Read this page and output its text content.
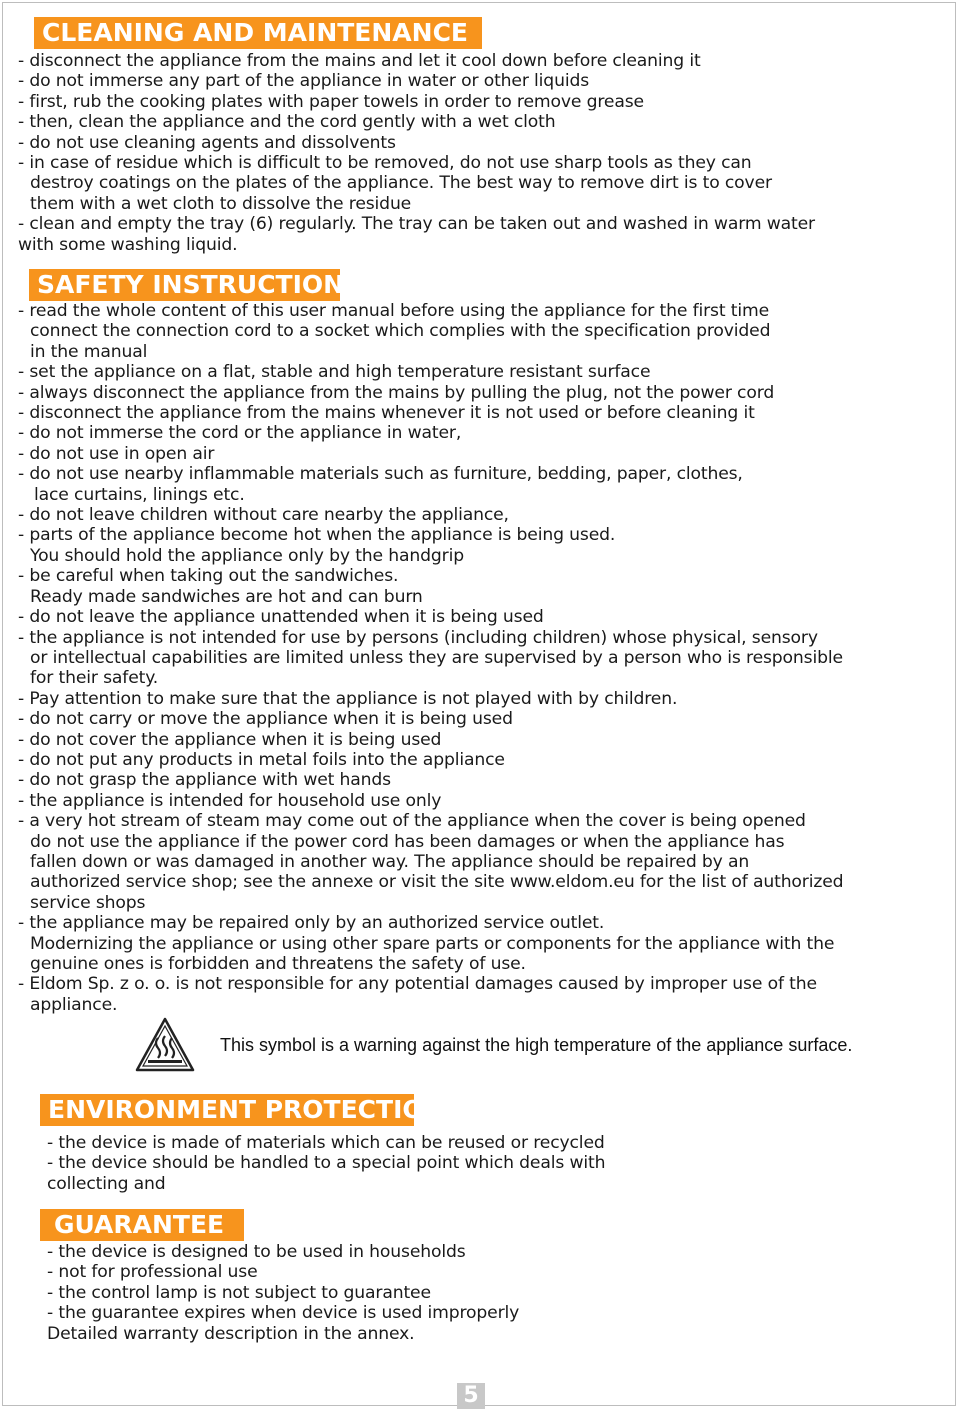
CLEANING AND MAINTENANCE
- disconnect the appliance from the mains and let it cool down before cleaning it
- do not immerse any part of the appliance in water or other liquids
- first, rub the cooking plates with paper towels in order to remove grease
- then, clean the appliance and the cord gently with a wet cloth
- do not use cleaning agents and dissolvents
- in case of residue which is difficult to be removed, do not use sharp tools as they can
destroy coatings on the plates of the appliance. The best way to remove dirt is to cover
them with a wet cloth to dissolve the residue
- clean and empty the tray (6) regularly. The tray can be taken out and washed in warm water
with some washing liquid.
SAFETY INSTRUCTIONS
- read the whole content of this user manual before using the appliance for the first time
connect the connection cord to a socket which complies with the specification provided
in the manual
- set the appliance on a flat, stable and high temperature resistant surface
- always disconnect the appliance from the mains by pulling the plug, not the power cord
- disconnect the appliance from the mains whenever it is not used or before cleaning it
- do not immerse the cord or the appliance in water,
- do not use in open air
- do not use nearby inflammable materials such as furniture, bedding, paper, clothes,
lace curtains, linings etc.
- do not leave children without care nearby the appliance,
- parts of the appliance become hot when the appliance is being used.
You should hold the appliance only by the handgrip
- be careful when taking out the sandwiches.
Ready made sandwiches are hot and can burn
- do not leave the appliance unattended when it is being used
- the appliance is not intended for use by persons (including children) whose physical, sensory
or intellectual capabilities are limited unless they are supervised by a person who is responsible
for their safety.
- Pay attention to make sure that the appliance is not played with by children.
- do not carry or move the appliance when it is being used
- do not cover the appliance when it is being used
- do not put any products in metal foils into the appliance
- do not grasp the appliance with wet hands
- the appliance is intended for household use only
- a very hot stream of steam may come out of the appliance when the cover is being opened
do not use the appliance if the power cord has been damages or when the appliance has
fallen down or was damaged in another way. The appliance should be repaired by an
authorized service shop; see the annexe or visit the site www.eldom.eu for the list of authorized
service shops
- the appliance may be repaired only by an authorized service outlet.
Modernizing the appliance or using other spare parts or components for the appliance with the
genuine ones is forbidden and threatens the safety of use.
- Eldom Sp. z o. o. is not responsible for any potential damages caused by improper use of the
appliance.
This symbol is a warning against the high temperature of the appliance surface.
ENVIRONMENT PROTECTION
- the device is made of materials which can be reused or recycled
- the device should be handled to a special point which deals with
collecting and
GUARANTEE
- the device is designed to be used in households
- not for professional use
- the control lamp is not subject to guarantee
- the guarantee expires when device is used improperly
Detailed warranty description in the annex.
5
